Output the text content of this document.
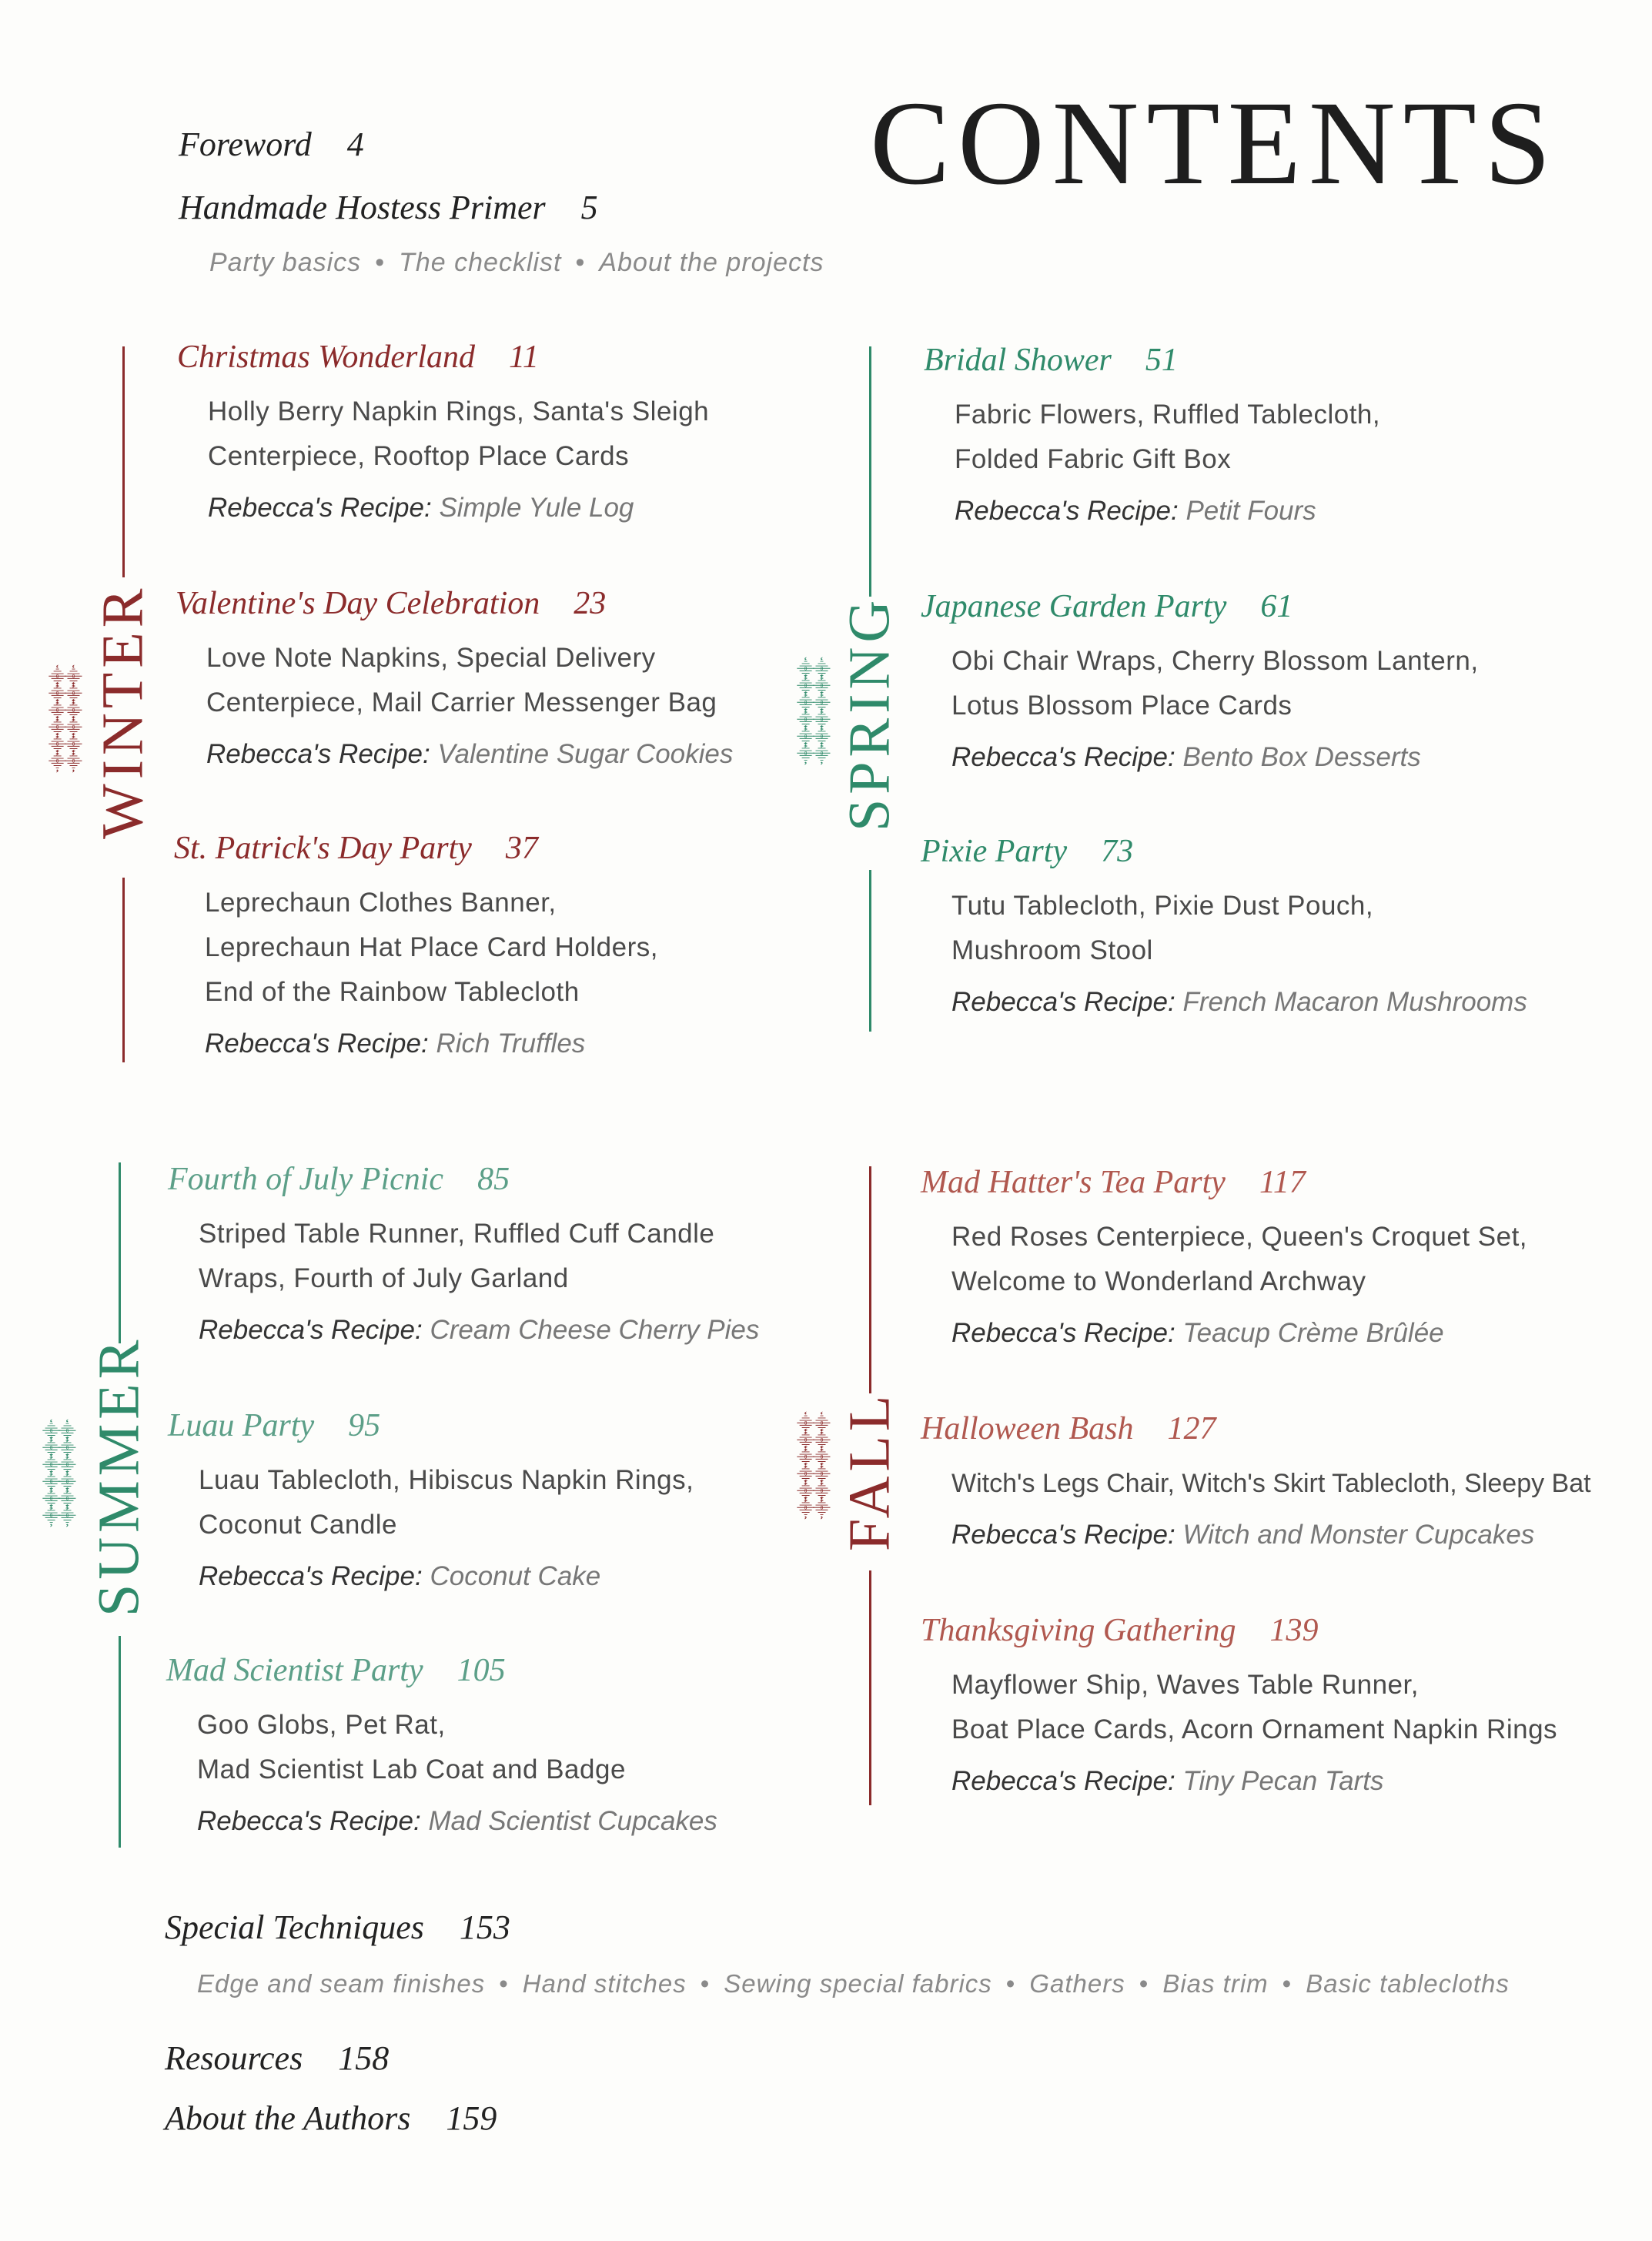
CONTENTS
Foreword 4
Handmade Hostess Primer 5
Party basics • The checklist • About the projects
WINTER
⸎⸎
⸎⸎
⸎⸎
⸎⸎
⸎⸎
⸎⸎	SPRING
⸎⸎
⸎⸎
⸎⸎
⸎⸎
⸎⸎
⸎⸎
SUMMER
⸎⸎
⸎⸎
⸎⸎
⸎⸎
⸎⸎
⸎⸎	FALL
⸎⸎
⸎⸎
⸎⸎
⸎⸎
⸎⸎
⸎⸎
Christmas Wonderland 11
Holly Berry Napkin Rings, Santa's Sleigh
Centerpiece, Rooftop Place Cards
Rebecca's Recipe: Simple Yule Log
Valentine's Day Celebration 23
Love Note Napkins, Special Delivery
Centerpiece, Mail Carrier Messenger Bag
Rebecca's Recipe: Valentine Sugar Cookies
St. Patrick's Day Party 37
Leprechaun Clothes Banner,
Leprechaun Hat Place Card Holders,
End of the Rainbow Tablecloth
Rebecca's Recipe: Rich Truffles
Bridal Shower 51
Fabric Flowers, Ruffled Tablecloth,
Folded Fabric Gift Box
Rebecca's Recipe: Petit Fours
Japanese Garden Party 61
Obi Chair Wraps, Cherry Blossom Lantern,
Lotus Blossom Place Cards
Rebecca's Recipe: Bento Box Desserts
Pixie Party 73
Tutu Tablecloth, Pixie Dust Pouch,
Mushroom Stool
Rebecca's Recipe: French Macaron Mushrooms
Fourth of July Picnic 85
Striped Table Runner, Ruffled Cuff Candle
Wraps, Fourth of July Garland
Rebecca's Recipe: Cream Cheese Cherry Pies
Luau Party 95
Luau Tablecloth, Hibiscus Napkin Rings,
Coconut Candle
Rebecca's Recipe: Coconut Cake
Mad Scientist Party 105
Goo Globs, Pet Rat,
Mad Scientist Lab Coat and Badge
Rebecca's Recipe: Mad Scientist Cupcakes
Mad Hatter's Tea Party 117
Red Roses Centerpiece, Queen's Croquet Set,
Welcome to Wonderland Archway
Rebecca's Recipe: Teacup Crème Brûlée
Halloween Bash 127
Witch's Legs Chair, Witch's Skirt Tablecloth, Sleepy Bat
Rebecca's Recipe: Witch and Monster Cupcakes
Thanksgiving Gathering 139
Mayflower Ship, Waves Table Runner,
Boat Place Cards, Acorn Ornament Napkin Rings
Rebecca's Recipe: Tiny Pecan Tarts
Special Techniques 153
Edge and seam finishes • Hand stitches • Sewing special fabrics • Gathers • Bias trim • Basic tablecloths
Resources 158
About the Authors 159
